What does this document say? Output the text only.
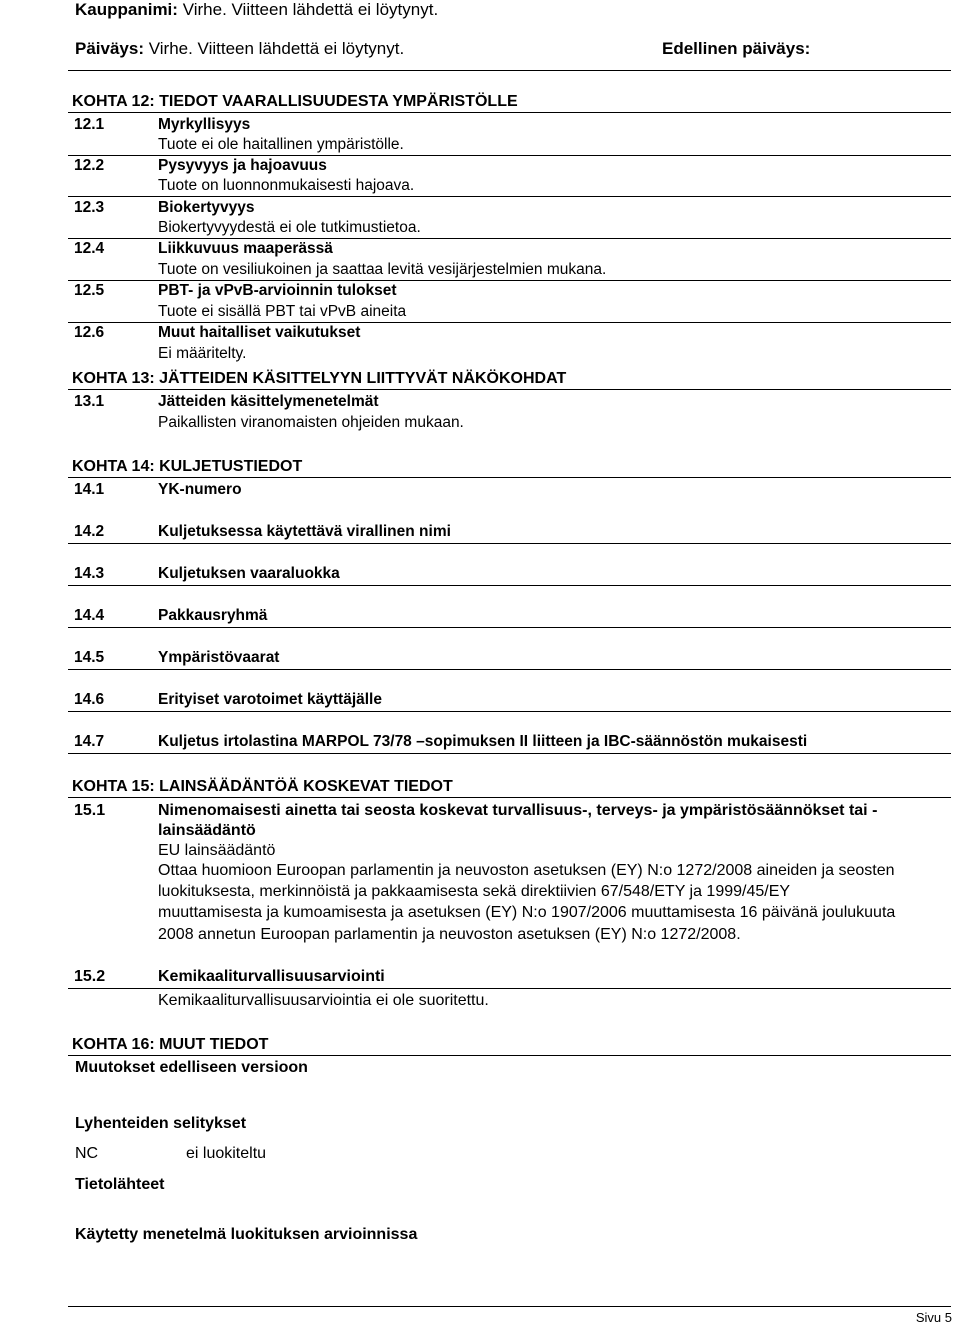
Kauppanimi: Virhe. Viitteen lähdettä ei löytynyt.
Päiväys: Virhe. Viitteen lähdettä ei löytynyt.	Edellinen päiväys:
KOHTA 12: TIEDOT VAARALLISUUDESTA YMPÄRISTÖLLE
12.1	Myrkyllisyys
Tuote ei ole haitallinen ympäristölle.
12.2	Pysyvyys ja hajoavuus
Tuote on luonnonmukaisesti hajoava.
12.3	Biokertyvyys
Biokertyvyydestä ei ole tutkimustietoa.
12.4	Liikkuvuus maaperässä
Tuote on vesiliukoinen ja saattaa levitä vesijärjestelmien mukana.
12.5	PBT- ja vPvB-arvioinnin tulokset
Tuote ei sisällä PBT tai vPvB aineita
12.6	Muut haitalliset vaikutukset
Ei määritelty.
KOHTA 13: JÄTTEIDEN KÄSITTELYYN LIITTYVÄT NÄKÖKOHDAT
13.1	Jätteiden käsittelymenetelmät
Paikallisten viranomaisten ohjeiden mukaan.
KOHTA 14: KULJETUSTIEDOT
14.1	YK-numero
14.2	Kuljetuksessa käytettävä virallinen nimi
14.3	Kuljetuksen vaaraluokka
14.4	Pakkausryhmä
14.5	Ympäristövaarat
14.6	Erityiset varotoimet käyttäjälle
14.7	Kuljetus irtolastina MARPOL 73/78 –sopimuksen II liitteen ja IBC-säännöstön mukaisesti
KOHTA 15: LAINSÄÄDÄNTÖÄ KOSKEVAT TIEDOT
15.1	Nimenomaisesti ainetta tai seosta koskevat turvallisuus-, terveys- ja ympäristösäännökset tai -
lainsäädäntö
EU lainsäädäntö
Ottaa huomioon Euroopan parlamentin ja neuvoston asetuksen (EY) N:o 1272/2008 aineiden ja seosten
luokituksesta, merkinnöistä ja pakkaamisesta sekä direktiivien 67/548/ETY ja 1999/45/EY
muuttamisesta ja kumoamisesta ja asetuksen (EY) N:o 1907/2006 muuttamisesta 16 päivänä joulukuuta
2008 annetun Euroopan parlamentin ja neuvoston asetuksen (EY) N:o 1272/2008.
15.2	Kemikaaliturvallisuusarviointi
Kemikaaliturvallisuusarviointia ei ole suoritettu.
KOHTA 16: MUUT TIEDOT
Muutokset edelliseen versioon
Lyhenteiden selitykset
NC	ei luokiteltu
Tietolähteet
Käytetty menetelmä luokituksen arvioinnissa
Sivu 5
